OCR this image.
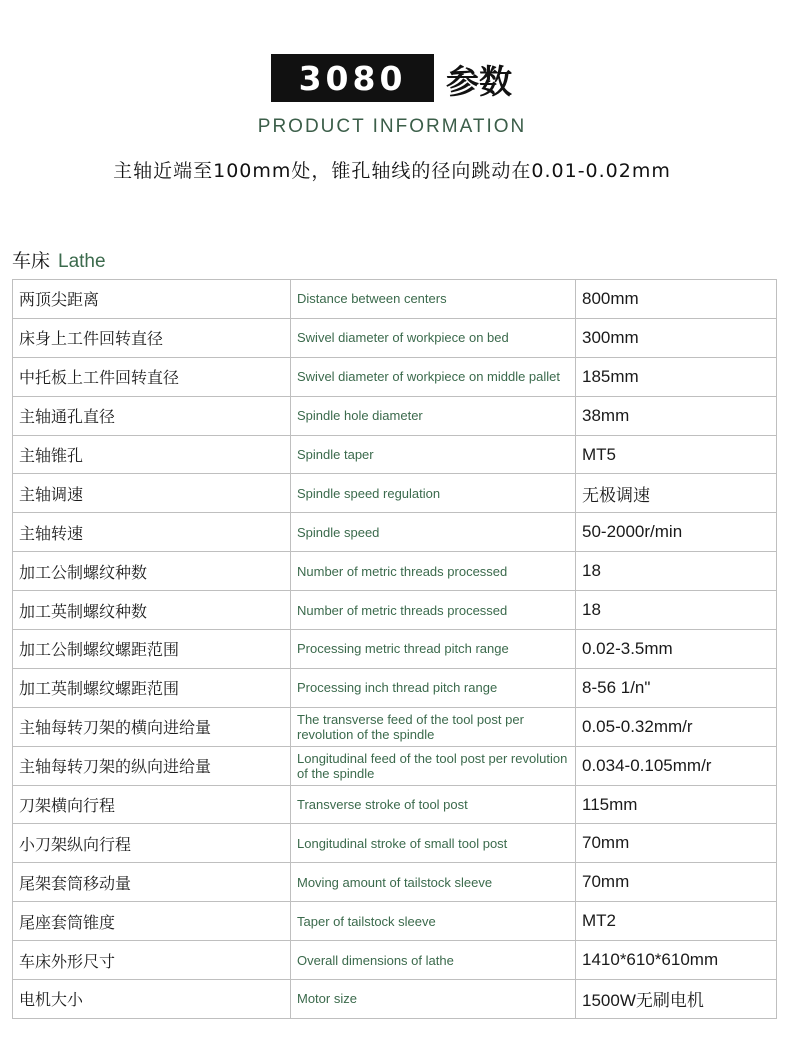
3080	参数
PRODUCT INFORMATION
主轴近端至100mm处，锥孔轴线的径向跳动在0.01-0.02mm
车床 Lathe
两顶尖距离	Distance between centers	800mm
床身上工件回转直径	Swivel diameter of workpiece on bed	300mm
中托板上工件回转直径	Swivel diameter of workpiece on middle pallet	185mm
主轴通孔直径	Spindle hole diameter	38mm
主轴锥孔	Spindle taper	MT5
主轴调速	Spindle speed regulation	无极调速
主轴转速	Spindle speed	50-2000r/min
加工公制螺纹种数	Number of metric threads processed	18
加工英制螺纹种数	Number of metric threads processed	18
加工公制螺纹螺距范围	Processing metric thread pitch range	0.02-3.5mm
加工英制螺纹螺距范围	Processing inch thread pitch range	8-56 1/n"
主轴每转刀架的横向进给量	The transverse feed of the tool post per revolution of the spindle	0.05-0.32mm/r
主轴每转刀架的纵向进给量	Longitudinal feed of the tool post per revolution of the spindle	0.034-0.105mm/r
刀架横向行程	Transverse stroke of tool post	115mm
小刀架纵向行程	Longitudinal stroke of small tool post	70mm
尾架套筒移动量	Moving amount of tailstock sleeve	70mm
尾座套筒锥度	Taper of tailstock sleeve	MT2
车床外形尺寸	Overall dimensions of lathe	1410*610*610mm
电机大小	Motor size	1500W无刷电机
